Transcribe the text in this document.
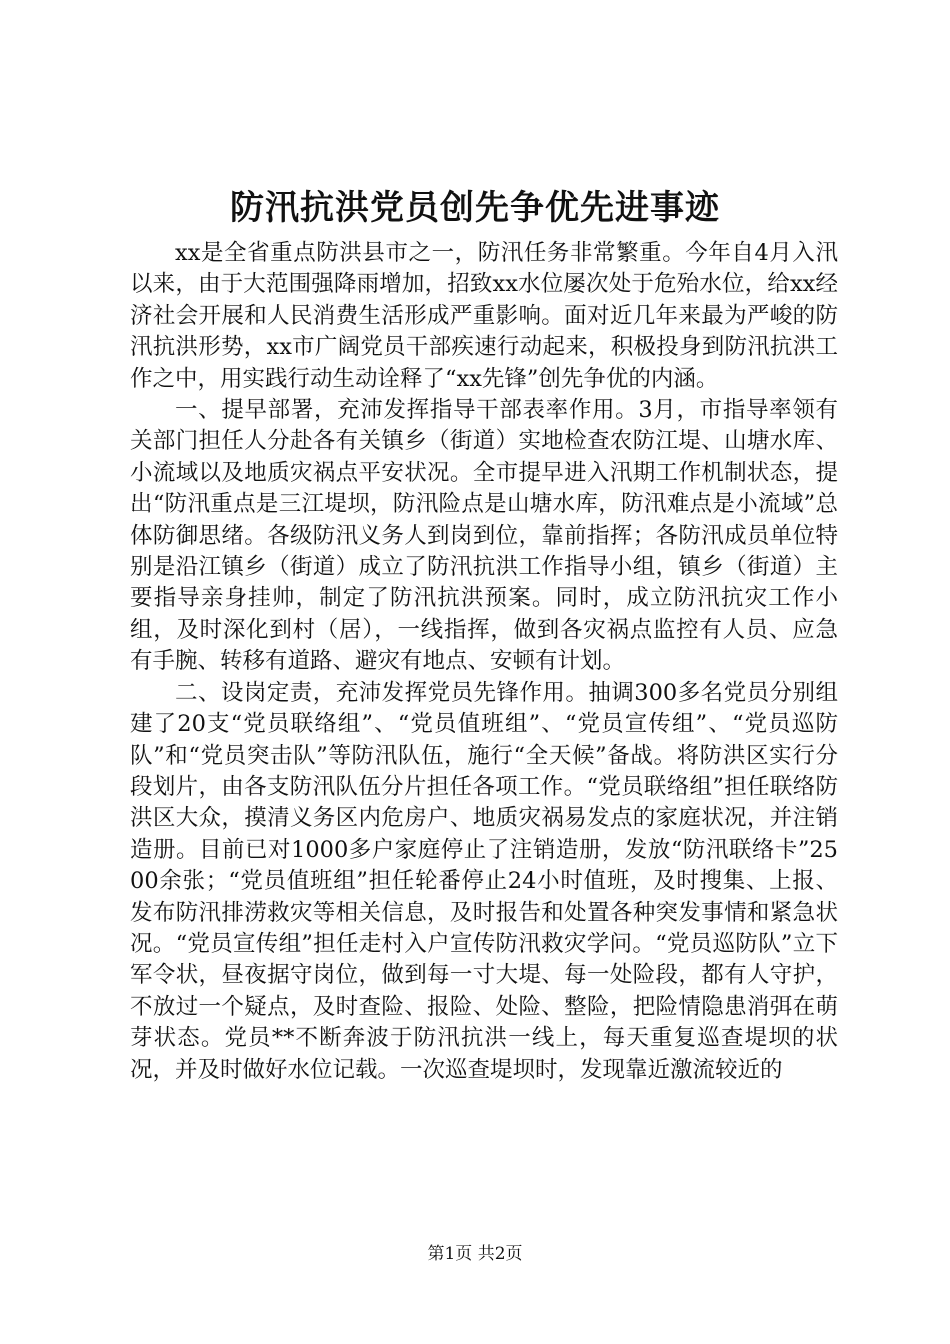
防汛抗洪党员创先争优先进事迹

xx是全省重点防洪县市之一，防汛任务非常繁重。今年自4月入汛以来，由于大范围强降雨增加，招致xx水位屡次处于危殆水位，给xx经济社会开展和人民消费生活形成严重影响。面对近几年来最为严峻的防汛抗洪形势，xx市广阔党员干部疾速行动起来，积极投身到防汛抗洪工作之中，用实践行动生动诠释了“xx先锋”创先争优的内涵。

一、提早部署，充沛发挥指导干部表率作用。3月，市指导率领有关部门担任人分赴各有关镇乡（街道）实地检查农防江堤、山塘水库、小流域以及地质灾祸点平安状况。全市提早进入汛期工作机制状态，提出“防汛重点是三江堤坝，防汛险点是山塘水库，防汛难点是小流域”总体防御思绪。各级防汛义务人到岗到位，靠前指挥；各防汛成员单位特别是沿江镇乡（街道）成立了防汛抗洪工作指导小组，镇乡（街道）主要指导亲身挂帅，制定了防汛抗洪预案。同时，成立防汛抗灾工作小组，及时深化到村（居），一线指挥，做到各灾祸点监控有人员、应急有手腕、转移有道路、避灾有地点、安顿有计划。

二、设岗定责，充沛发挥党员先锋作用。抽调300多名党员分别组建了20支“党员联络组”、“党员值班组”、“党员宣传组”、“党员巡防队”和“党员突击队”等防汛队伍，施行“全天候”备战。将防洪区实行分段划片，由各支防汛队伍分片担任各项工作。“党员联络组”担任联络防洪区大众，摸清义务区内危房户、地质灾祸易发点的家庭状况，并注销造册。目前已对1000多户家庭停止了注销造册，发放“防汛联络卡”2500余张；“党员值班组”担任轮番停止24小时值班，及时搜集、上报、发布防汛排涝救灾等相关信息，及时报告和处置各种突发事情和紧急状况。“党员宣传组”担任走村入户宣传防汛救灾学问。“党员巡防队”立下军令状，昼夜据守岗位，做到每一寸大堤、每一处险段，都有人守护，不放过一个疑点，及时查险、报险、处险、整险，把险情隐患消弭在萌芽状态。党员**不断奔波于防汛抗洪一线上，每天重复巡查堤坝的状况，并及时做好水位记载。一次巡查堤坝时，发现靠近激流较近的

第1页 共2页
